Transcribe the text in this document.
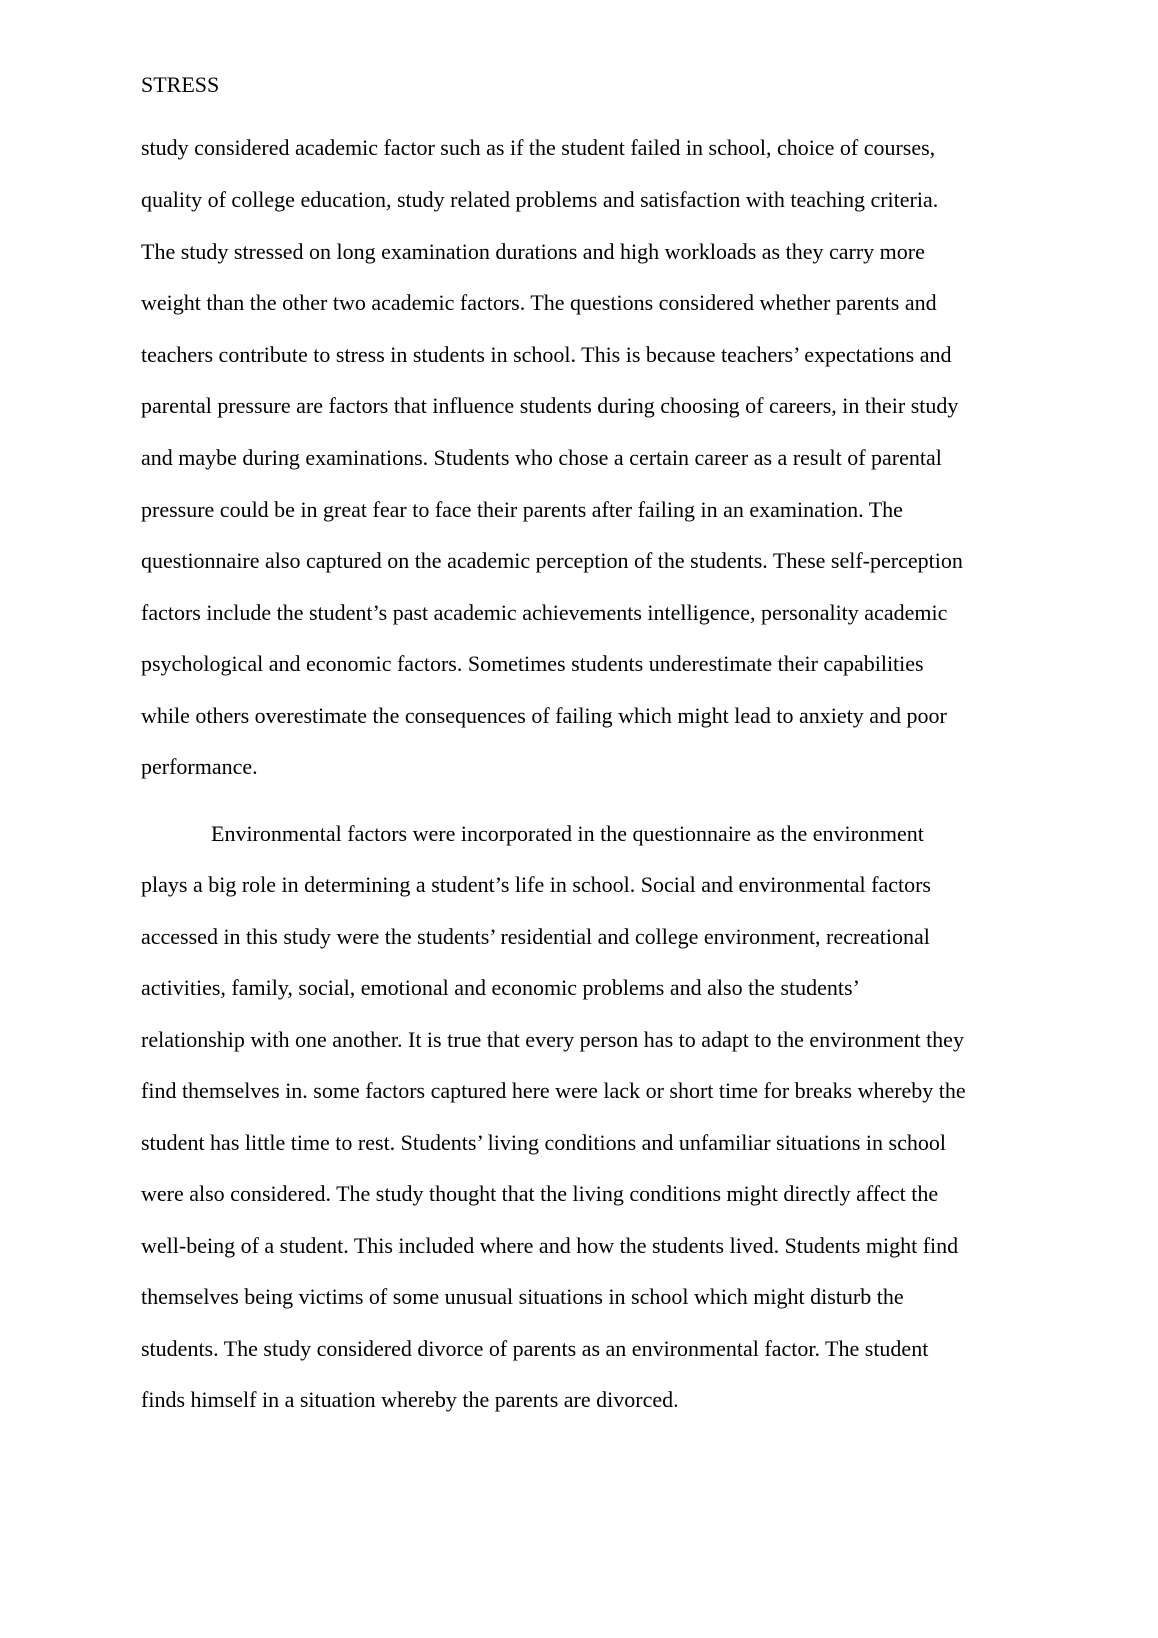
STRESS
study considered academic factor such as if the student failed in school, choice of courses,
quality of college education, study related problems and satisfaction with teaching criteria.
The study stressed on long examination durations and high workloads as they carry more
weight than the other two academic factors. The questions considered whether parents and
teachers contribute to stress in students in school. This is because teachers’ expectations and
parental pressure are factors that influence students during choosing of careers, in their study
and maybe during examinations. Students who chose a certain career as a result of parental
pressure could be in great fear to face their parents after failing in an examination. The
questionnaire also captured on the academic perception of the students. These self-perception
factors include the student’s past academic achievements intelligence, personality academic
psychological and economic factors. Sometimes students underestimate their capabilities
while others overestimate the consequences of failing which might lead to anxiety and poor
performance.
Environmental factors were incorporated in the questionnaire as the environment
plays a big role in determining a student’s life in school. Social and environmental factors
accessed in this study were the students’ residential and college environment, recreational
activities, family, social, emotional and economic problems and also the students’
relationship with one another. It is true that every person has to adapt to the environment they
find themselves in. some factors captured here were lack or short time for breaks whereby the
student has little time to rest. Students’ living conditions and unfamiliar situations in school
were also considered. The study thought that the living conditions might directly affect the
well-being of a student. This included where and how the students lived. Students might find
themselves being victims of some unusual situations in school which might disturb the
students. The study considered divorce of parents as an environmental factor. The student
finds himself in a situation whereby the parents are divorced.
